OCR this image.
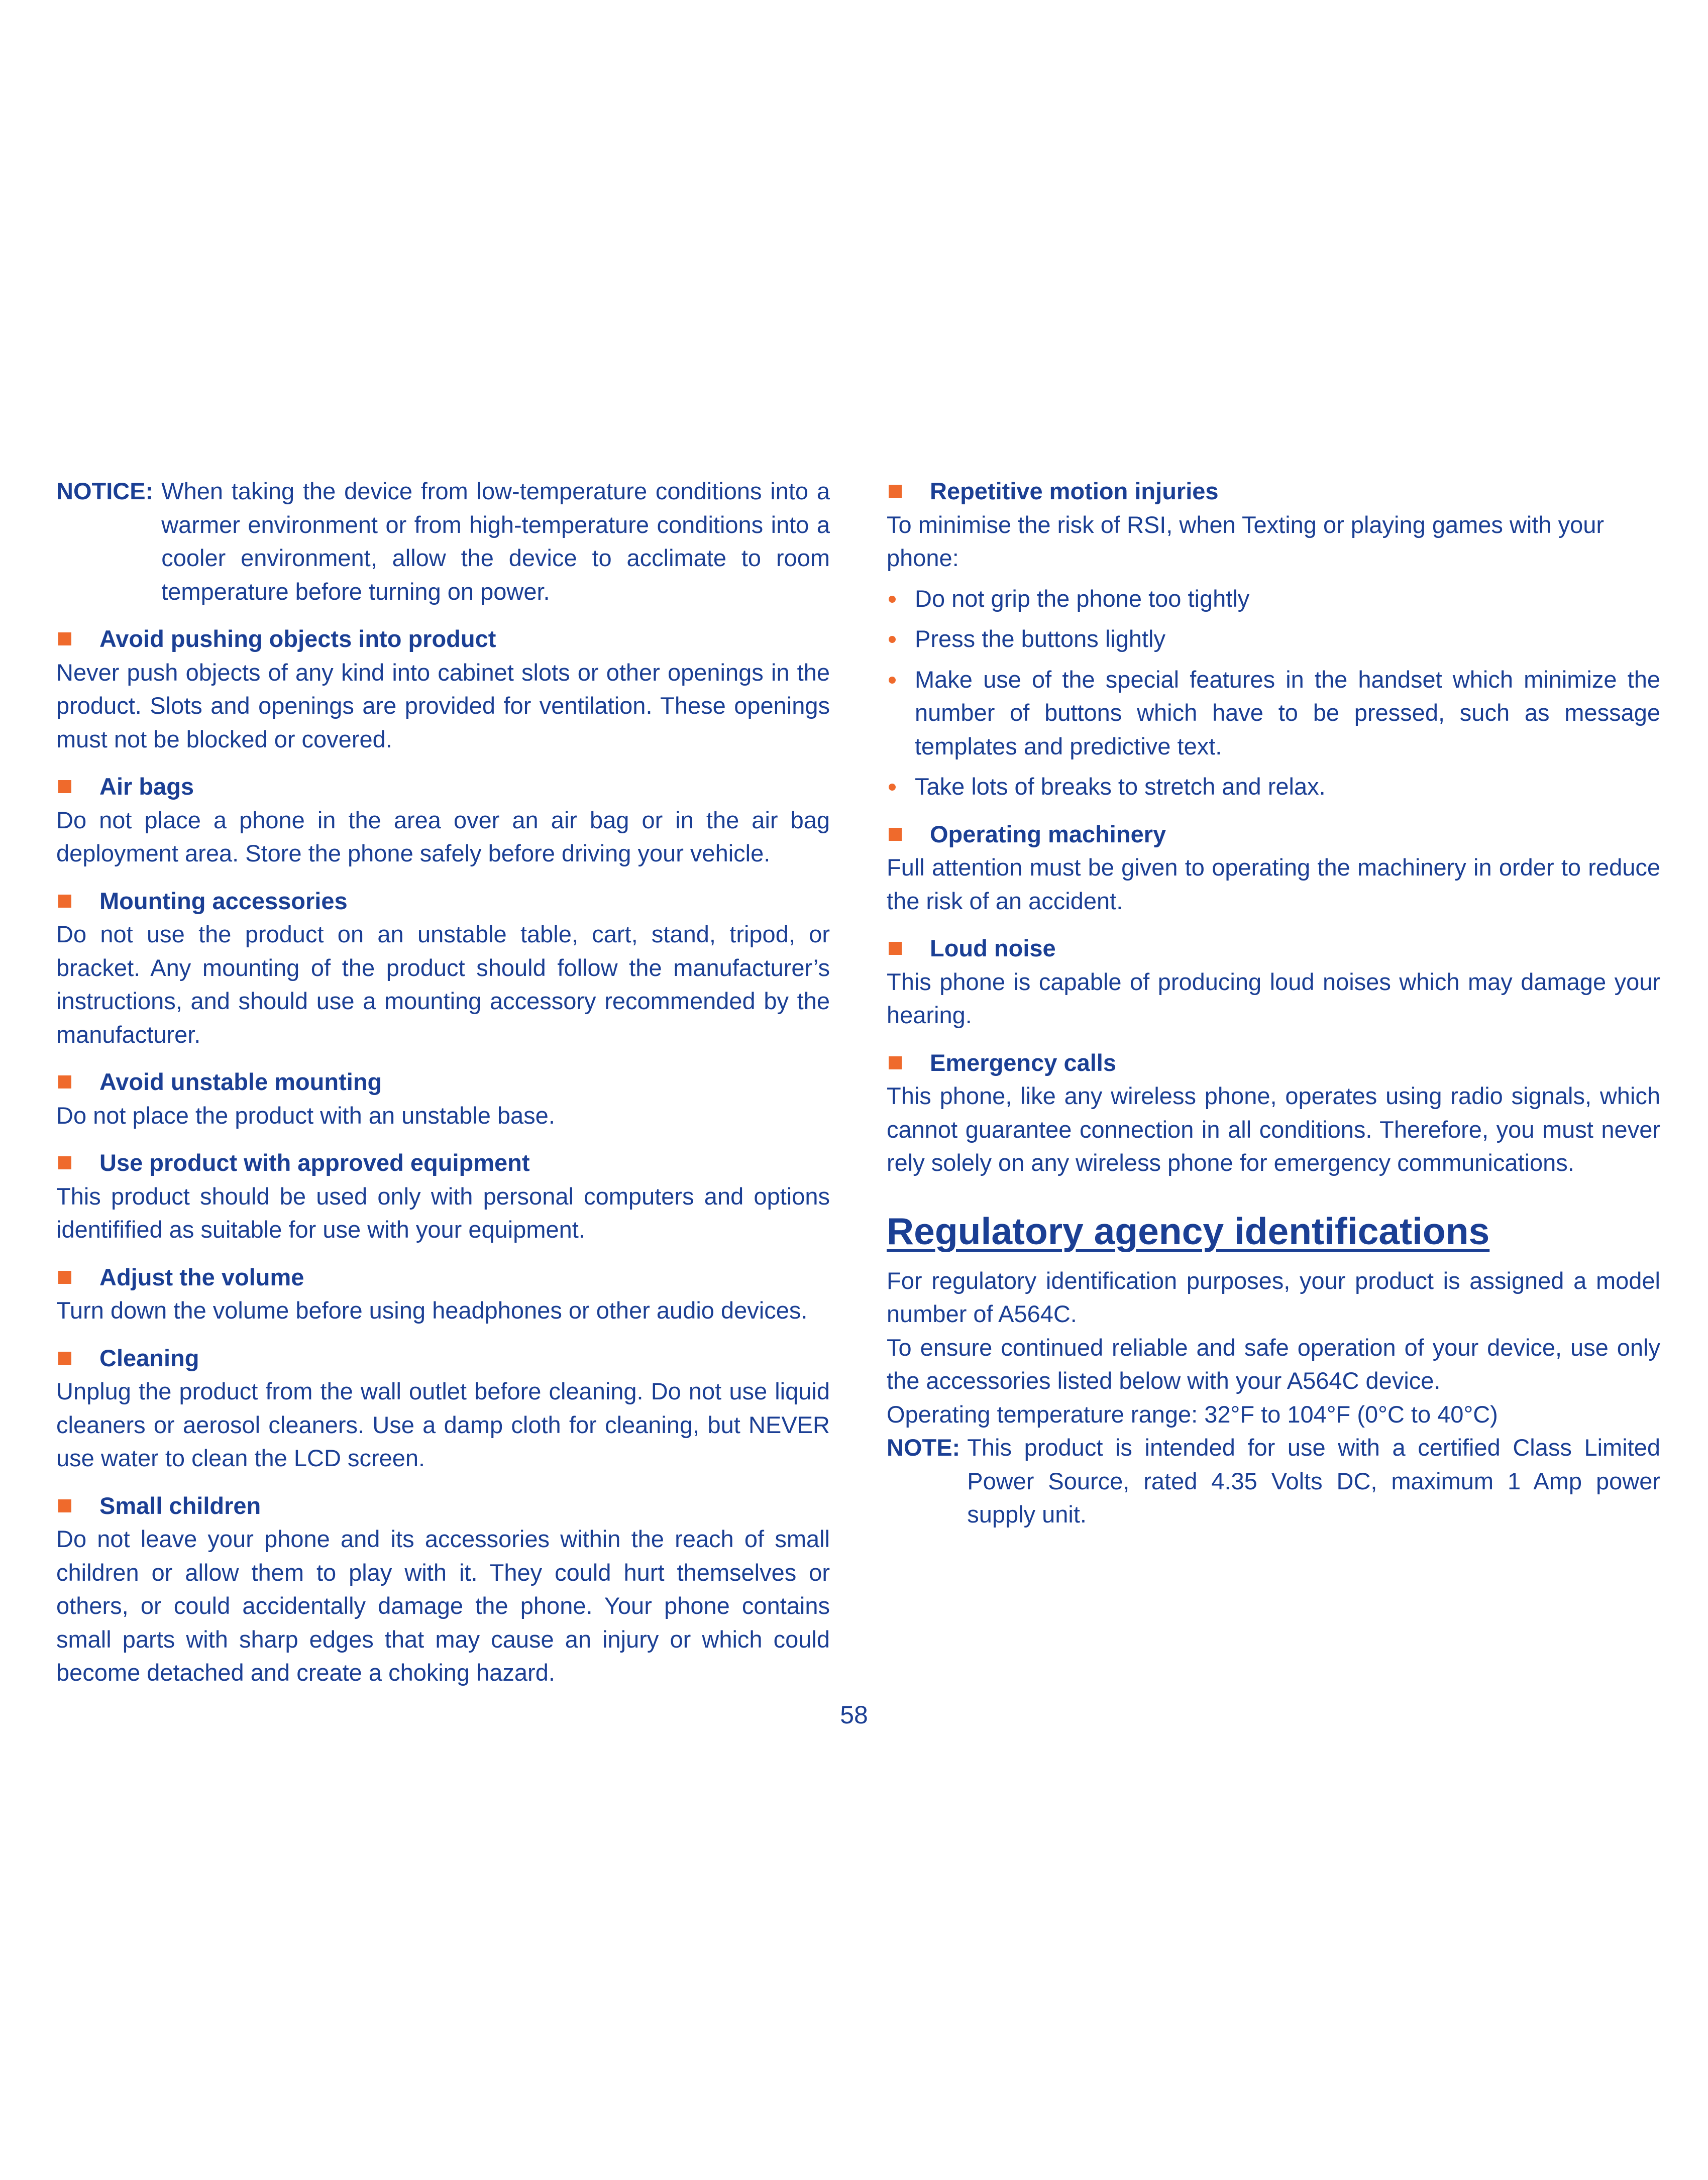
NOTICE: When taking the device from low-temperature conditions into a warmer environment or from high-temperature conditions into a cooler environment, allow the device to acclimate to room temperature before turning on power.
Avoid pushing objects into product

Never push objects of any kind into cabinet slots or other openings in the product. Slots and openings are provided for ventilation. These openings must not be blocked or covered.

Air bags

Do not place a phone in the area over an air bag or in the air bag deployment area. Store the phone safely before driving your vehicle.

Mounting accessories

Do not use the product on an unstable table, cart, stand, tripod, or bracket. Any mounting of the product should follow the manufacturer’s instructions, and should use a mounting accessory recommended by the manufacturer.

Avoid unstable mounting

Do not place the product with an unstable base.

Use product with approved equipment

This product should be used only with personal computers and options identifified as suitable for use with your equipment.

Adjust the volume

Turn down the volume before using headphones or other audio devices.

Cleaning

Unplug the product from the wall outlet before cleaning. Do not use liquid cleaners or aerosol cleaners. Use a damp cloth for cleaning, but NEVER use water to clean the LCD screen.

Small children

Do not leave your phone and its accessories within the reach of small children or allow them to play with it. They could hurt themselves or others, or could accidentally damage the phone. Your phone contains small parts with sharp edges that may cause an injury or which could become detached and create a choking hazard.

Repetitive motion injuries

To minimise the risk of RSI, when Texting or playing games with your phone:

Do not grip the phone too tightly
Press the buttons lightly
Make use of the special features in the handset which minimize the number of buttons which have to be pressed, such as message templates and predictive text.
Take lots of breaks to stretch and relax.
Operating machinery

Full attention must be given to operating the machinery in order to reduce the risk of an accident.

Loud noise

This phone is capable of producing loud noises which may damage your hearing.

Emergency calls

This phone, like any wireless phone, operates using radio signals, which cannot guarantee connection in all conditions. Therefore, you must never rely solely on any wireless phone for emergency communications.

Regulatory agency identifications

For regulatory identification purposes, your product is assigned a model number of A564C.

To ensure continued reliable and safe operation of your device, use only the accessories listed below with your A564C device.

Operating temperature range: 32°F to 104°F (0°C to 40°C)

NOTE: This product is intended for use with a certified Class Limited Power Source, rated 4.35 Volts DC, maximum 1 Amp power supply unit.
58
